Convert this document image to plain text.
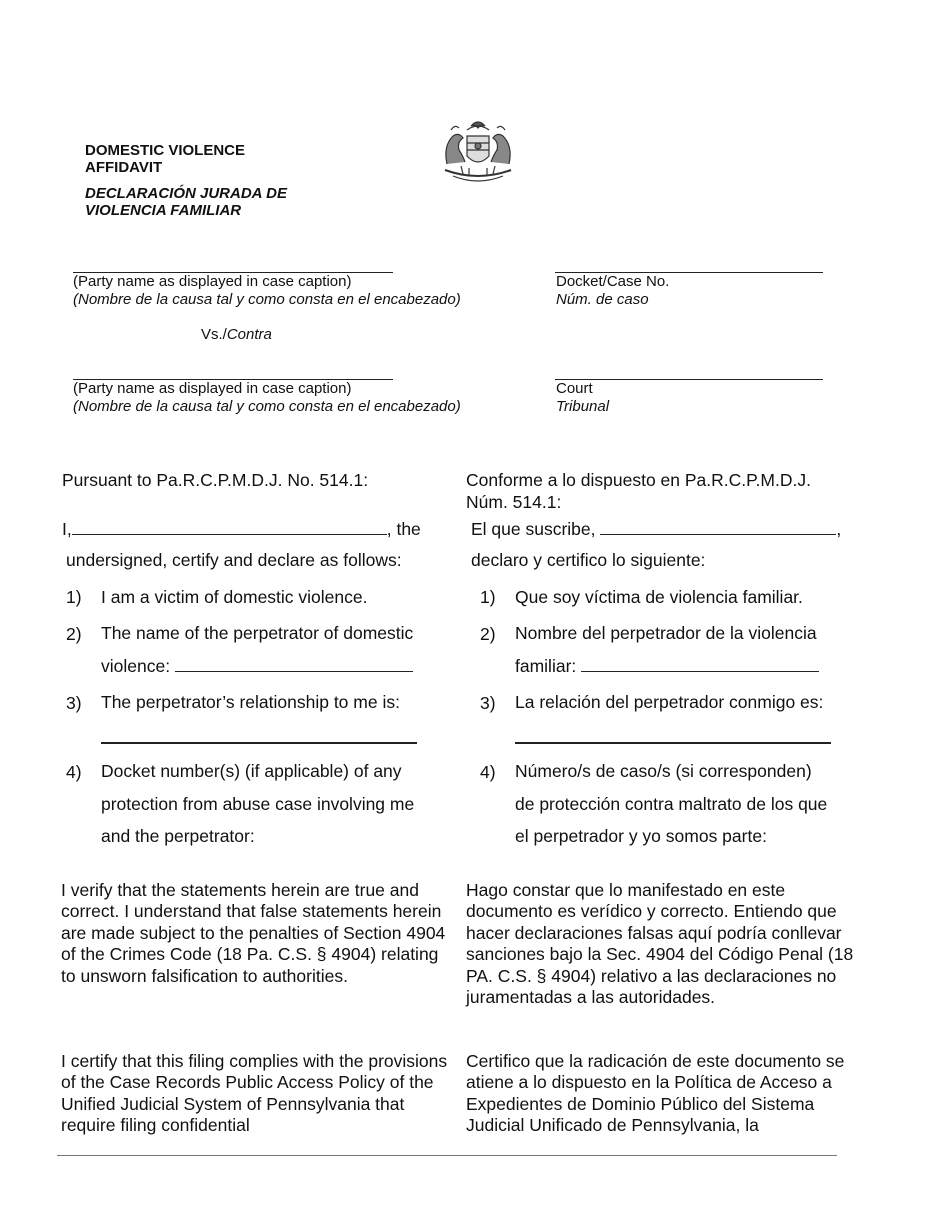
DOMESTIC VIOLENCE
AFFIDAVIT
DECLARACIÓN JURADA DE
VIOLENCIA FAMILIAR
(Party name as displayed in case caption)
(Nombre de la causa tal y como consta en el encabezado)
Vs./Contra
(Party name as displayed in case caption)
(Nombre de la causa tal y como consta en el encabezado)
Docket/Case No.
Núm. de caso
Court
Tribunal
Pursuant to Pa.R.C.P.M.D.J. No. 514.1:
I,	, the
undersigned, certify and declare as follows:
1) I am a victim of domestic violence.
2) The name of the perpetrator of domestic
violence:
3) The perpetrator’s relationship to me is:
4) Docket number(s) (if applicable) of any
protection from abuse case involving me
and the perpetrator:
I verify that the statements herein are true and correct. I understand that false statements herein are made subject to the penalties of Section 4904 of the Crimes Code (18 Pa. C.S. § 4904) relating to unsworn falsification to authorities.
I certify that this filing complies with the provisions of the Case Records Public Access Policy of the Unified Judicial System of Pennsylvania that require filing confidential
Conforme a lo dispuesto en Pa.R.C.P.M.D.J. Núm. 514.1:
El que suscribe,	,
declaro y certifico lo siguiente:
1) Que soy víctima de violencia familiar.
2) Nombre del perpetrador de la violencia
familiar:
3) La relación del perpetrador conmigo es:
4) Número/s de caso/s (si corresponden)
de protección contra maltrato de los que
el perpetrador y yo somos parte:
Hago constar que lo manifestado en este documento es verídico y correcto. Entiendo que hacer declaraciones falsas aquí podría conllevar sanciones bajo la Sec. 4904 del Código Penal (18 PA. C.S. § 4904) relativo a las declaraciones no juramentadas a las autoridades.
Certifico que la radicación de este documento se atiene a lo dispuesto en la Política de Acceso a Expedientes de Dominio Público del Sistema Judicial Unificado de Pennsylvania, la
